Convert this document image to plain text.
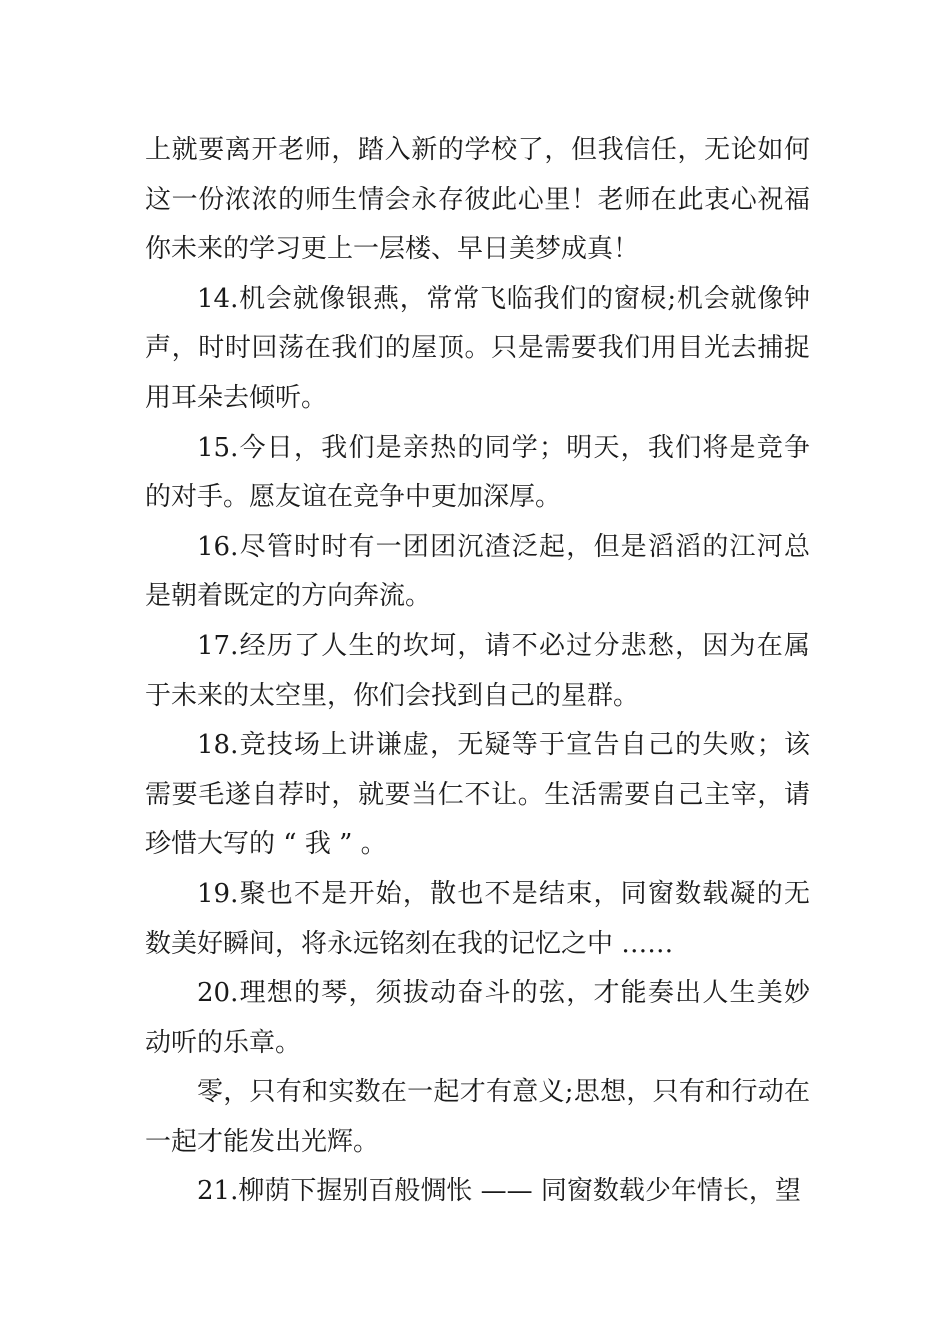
上就要离开老师，踏入新的学校了，但我信任，无论如何这一份浓浓的师生情会永存彼此心里！老师在此衷心祝福你未来的学习更上一层楼、早日美梦成真！

14.机会就像银燕，常常飞临我们的窗棂;机会就像钟声，时时回荡在我们的屋顶。只是需要我们用目光去捕捉用耳朵去倾听。

15.今日，我们是亲热的同学；明天，我们将是竞争的对手。愿友谊在竞争中更加深厚。

16.尽管时时有一团团沉渣泛起，但是滔滔的江河总是朝着既定的方向奔流。

17.经历了人生的坎坷，请不必过分悲愁，因为在属于未来的太空里，你们会找到自己的星群。

18.竞技场上讲谦虚，无疑等于宣告自己的失败；该需要毛遂自荐时，就要当仁不让。生活需要自己主宰，请珍惜大写的 “ 我 ” 。

19.聚也不是开始，散也不是结束，同窗数载凝的无数美好瞬间，将永远铭刻在我的记忆之中 ……

20.理想的琴，须拔动奋斗的弦，才能奏出人生美妙动听的乐章。

零，只有和实数在一起才有意义;思想，只有和行动在一起才能发出光辉。

21.柳荫下握别百般惆怅 —— 同窗数载少年情长，望
